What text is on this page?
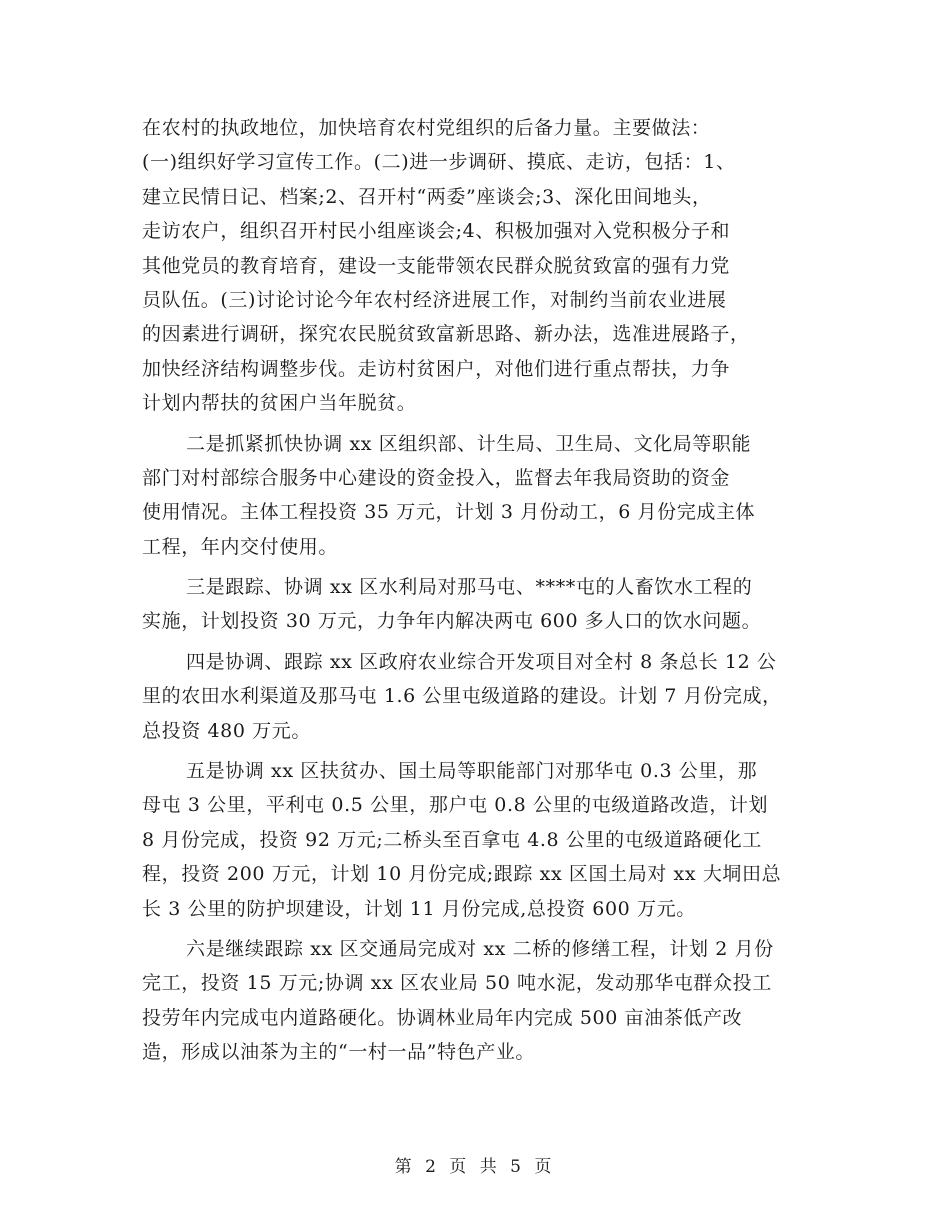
在农村的执政地位，加快培育农村党组织的后备力量。主要做法：
(一)组织好学习宣传工作。(二)进一步调研、摸底、走访，包括：1、
建立民情日记、档案;2、召开村“两委”座谈会;3、深化田间地头，
走访农户，组织召开村民小组座谈会;4、积极加强对入党积极分子和
其他党员的教育培育，建设一支能带领农民群众脱贫致富的强有力党
员队伍。(三)讨论讨论今年农村经济进展工作，对制约当前农业进展
的因素进行调研，探究农民脱贫致富新思路、新办法，选准进展路子，
加快经济结构调整步伐。走访村贫困户，对他们进行重点帮扶，力争
计划内帮扶的贫困户当年脱贫。
二是抓紧抓快协调 xx 区组织部、计生局、卫生局、文化局等职能
部门对村部综合服务中心建设的资金投入，监督去年我局资助的资金
使用情况。主体工程投资 35 万元，计划 3 月份动工，6 月份完成主体
工程，年内交付使用。
三是跟踪、协调 xx 区水利局对那马屯、****屯的人畜饮水工程的
实施，计划投资 30 万元，力争年内解决两屯 600 多人口的饮水问题。
四是协调、跟踪 xx 区政府农业综合开发项目对全村 8 条总长 12 公
里的农田水利渠道及那马屯 1.6 公里屯级道路的建设。计划 7 月份完成，
总投资 480 万元。
五是协调 xx 区扶贫办、国土局等职能部门对那华屯 0.3 公里，那
母屯 3 公里，平利屯 0.5 公里，那户屯 0.8 公里的屯级道路改造，计划
8 月份完成，投资 92 万元;二桥头至百拿屯 4.8 公里的屯级道路硬化工
程，投资 200 万元，计划 10 月份完成;跟踪 xx 区国土局对 xx 大垌田总
长 3 公里的防护坝建设，计划 11 月份完成,总投资 600 万元。
六是继续跟踪 xx 区交通局完成对 xx 二桥的修缮工程，计划 2 月份
完工，投资 15 万元;协调 xx 区农业局 50 吨水泥，发动那华屯群众投工
投劳年内完成屯内道路硬化。协调林业局年内完成 500 亩油茶低产改
造，形成以油茶为主的“一村一品”特色产业。
第 2 页 共 5 页
